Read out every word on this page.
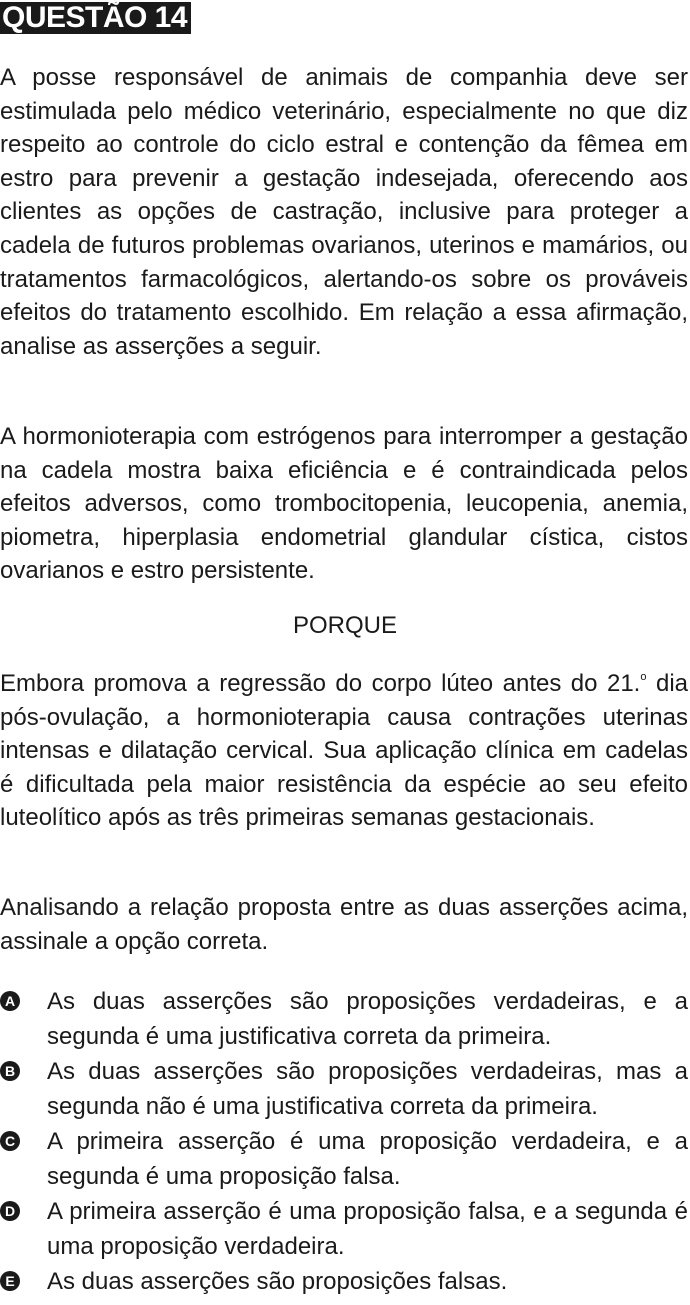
QUESTÃO 14

A posse responsável de animais de companhia deve ser estimulada pelo médico veterinário, especialmente no que diz respeito ao controle do ciclo estral e contenção da fêmea em estro para prevenir a gestação indesejada, oferecendo aos clientes as opções de castração, inclusive para proteger a cadela de futuros problemas ovarianos, uterinos e mamários, ou tratamentos farmacológicos, alertando-os sobre os prováveis efeitos do tratamento escolhido. Em relação a essa afirmação, analise as asserções a seguir.

A hormonioterapia com estrógenos para interromper a gestação na cadela mostra baixa eficiência e é contraindicada pelos efeitos adversos, como trombocitopenia, leucopenia, anemia, piometra, hiperplasia endometrial glandular cística, cistos ovarianos e estro persistente.

PORQUE

Embora promova a regressão do corpo lúteo antes do 21.$^o$ dia pós-ovulação, a hormonioterapia causa contrações uterinas intensas e dilatação cervical. Sua aplicação clínica em cadelas é dificultada pela maior resistência da espécie ao seu efeito luteolítico após as três primeiras semanas gestacionais.

Analisando a relação proposta entre as duas asserções acima, assinale a opção correta.

A As duas asserções são proposições verdadeiras, e a segunda é uma justificativa correta da primeira.
B As duas asserções são proposições verdadeiras, mas a segunda não é uma justificativa correta da primeira.
C A primeira asserção é uma proposição verdadeira, e a segunda é uma proposição falsa.
D A primeira asserção é uma proposição falsa, e a segunda é uma proposição verdadeira.
E As duas asserções são proposições falsas.
